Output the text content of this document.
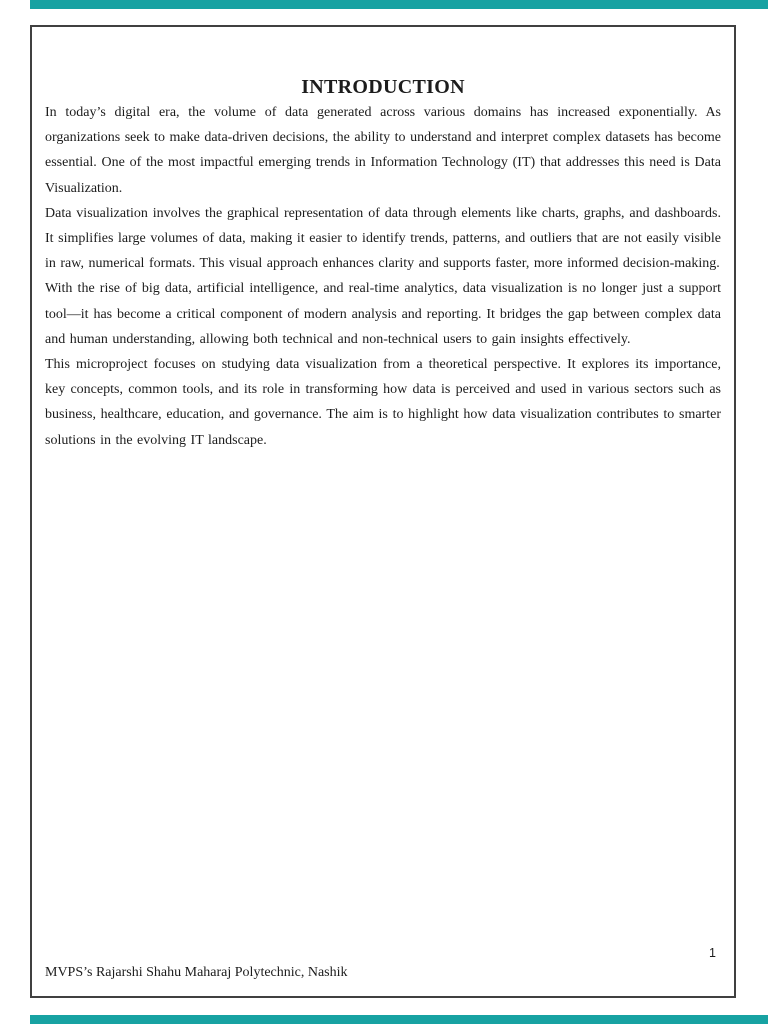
INTRODUCTION

In today’s digital era, the volume of data generated across various domains has increased exponentially. As organizations seek to make data-driven decisions, the ability to understand and interpret complex datasets has become essential. One of the most impactful emerging trends in Information Technology (IT) that addresses this need is Data Visualization.

Data visualization involves the graphical representation of data through elements like charts, graphs, and dashboards. It simplifies large volumes of data, making it easier to identify trends, patterns, and outliers that are not easily visible in raw, numerical formats. This visual approach enhances clarity and supports faster, more informed decision-making.

With the rise of big data, artificial intelligence, and real-time analytics, data visualization is no longer just a support tool—it has become a critical component of modern analysis and reporting. It bridges the gap between complex data and human understanding, allowing both technical and non-technical users to gain insights effectively.

This microproject focuses on studying data visualization from a theoretical perspective. It explores its importance, key concepts, common tools, and its role in transforming how data is perceived and used in various sectors such as business, healthcare, education, and governance. The aim is to highlight how data visualization contributes to smarter solutions in the evolving IT landscape.

1
MVPS’s Rajarshi Shahu Maharaj Polytechnic, Nashik
